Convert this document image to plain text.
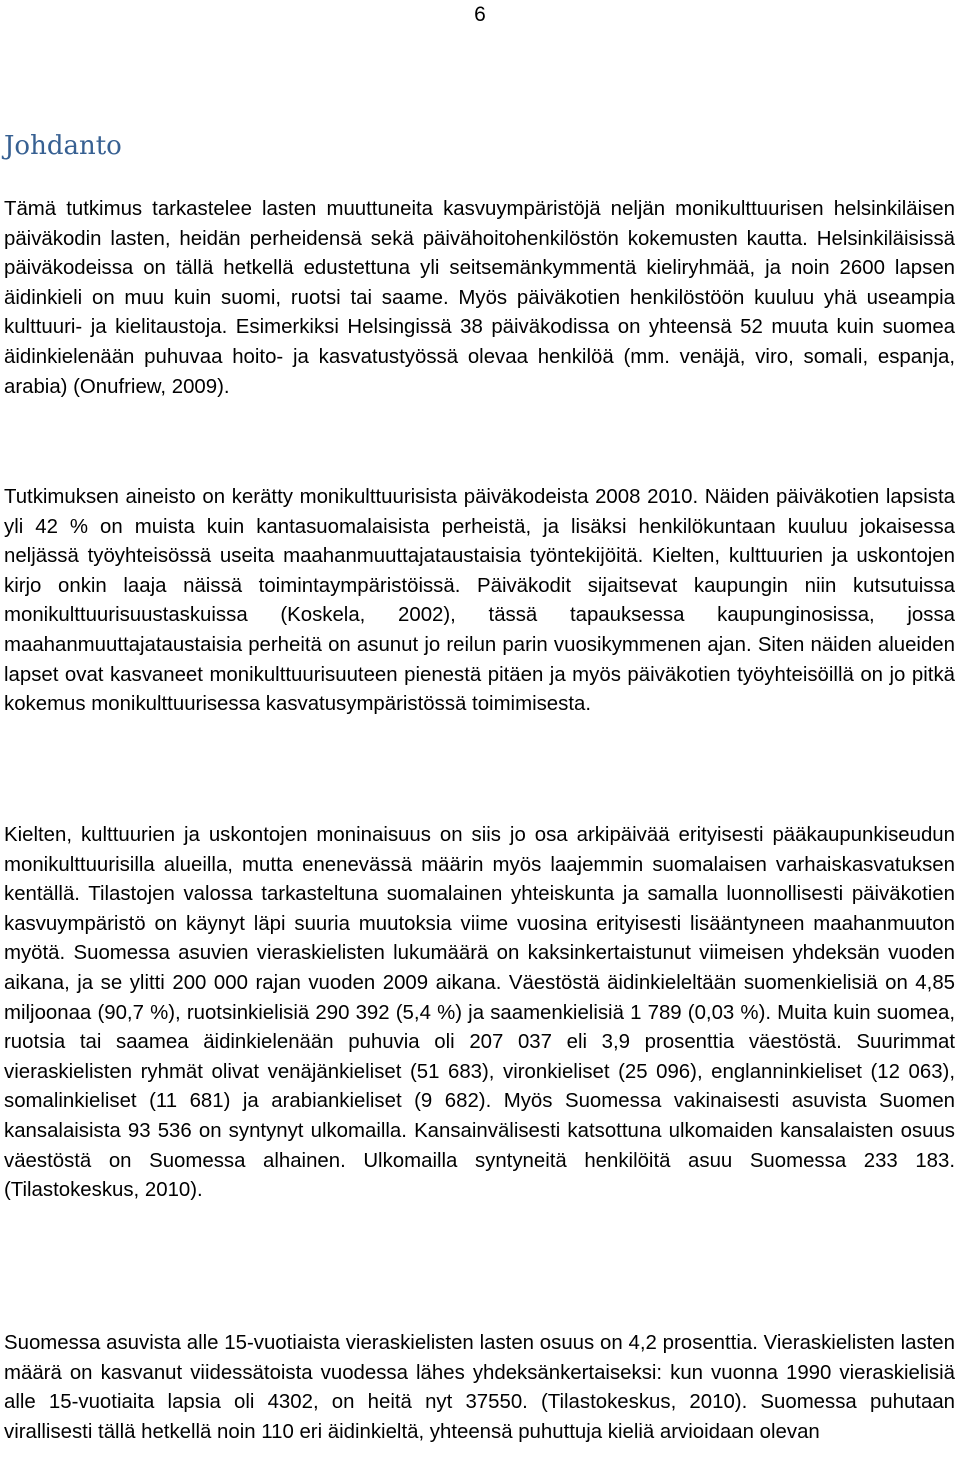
6
Johdanto

Tämä tutkimus tarkastelee lasten muuttuneita kasvuympäristöjä neljän monikulttuurisen helsinkiläisen päiväkodin lasten, heidän perheidensä sekä päivähoitohenkilöstön kokemusten kautta. Helsinkiläisissä päiväkodeissa on tällä hetkellä edustettuna yli seitsemänkymmentä kieliryhmää, ja noin 2600 lapsen äidinkieli on muu kuin suomi, ruotsi tai saame. Myös päiväkotien henkilöstöön kuuluu yhä useampia kulttuuri- ja kielitaustoja. Esimerkiksi Helsingissä 38 päiväkodissa on yhteensä 52 muuta kuin suomea äidinkielenään puhuvaa hoito- ja kasvatustyössä olevaa henkilöä (mm. venäjä, viro, somali, espanja, arabia) (Onufriew, 2009).

Tutkimuksen aineisto on kerätty monikulttuurisista päiväkodeista 2008 2010. Näiden päiväkotien lapsista yli 42 % on muista kuin kantasuomalaisista perheistä, ja lisäksi henkilökuntaan kuuluu jokaisessa neljässä työyhteisössä useita maahanmuuttajataustaisia työntekijöitä. Kielten, kulttuurien ja uskontojen kirjo onkin laaja näissä toimintaympäristöissä. Päiväkodit sijaitsevat kaupungin niin kutsutuissa monikulttuurisuustaskuissa (Koskela, 2002), tässä tapauksessa kaupunginosissa, jossa maahanmuuttajataustaisia perheitä on asunut jo reilun parin vuosikymmenen ajan. Siten näiden alueiden lapset ovat kasvaneet monikulttuurisuuteen pienestä pitäen ja myös päiväkotien työyhteisöillä on jo pitkä kokemus monikulttuurisessa kasvatusympäristössä toimimisesta.

Kielten, kulttuurien ja uskontojen moninaisuus on siis jo osa arkipäivää erityisesti pääkaupunkiseudun monikulttuurisilla alueilla, mutta enenevässä määrin myös laajemmin suomalaisen varhaiskasvatuksen kentällä. Tilastojen valossa tarkasteltuna suomalainen yhteiskunta ja samalla luonnollisesti päiväkotien kasvuympäristö on käynyt läpi suuria muutoksia viime vuosina erityisesti lisääntyneen maahanmuuton myötä. Suomessa asuvien vieraskielisten lukumäärä on kaksinkertaistunut viimeisen yhdeksän vuoden aikana, ja se ylitti 200 000 rajan vuoden 2009 aikana. Väestöstä äidinkieleltään suomenkielisiä on 4,85 miljoonaa (90,7 %), ruotsinkielisiä 290 392 (5,4 %) ja saamenkielisiä 1 789 (0,03 %). Muita kuin suomea, ruotsia tai saamea äidinkielenään puhuvia oli 207 037 eli 3,9 prosenttia väestöstä. Suurimmat vieraskielisten ryhmät olivat venäjänkieliset (51 683), vironkieliset (25 096), englanninkieliset (12 063), somalinkieliset (11 681) ja arabiankieliset (9 682). Myös Suomessa vakinaisesti asuvista Suomen kansalaisista 93 536 on syntynyt ulkomailla. Kansainvälisesti katsottuna ulkomaiden kansalaisten osuus väestöstä on Suomessa alhainen. Ulkomailla syntyneitä henkilöitä asuu Suomessa 233 183. (Tilastokeskus, 2010).

Suomessa asuvista alle 15-vuotiaista vieraskielisten lasten osuus on 4,2 prosenttia. Vieraskielisten lasten määrä on kasvanut viidessätoista vuodessa lähes yhdeksänkertaiseksi: kun vuonna 1990 vieraskielisiä alle 15-vuotiaita lapsia oli 4302, on heitä nyt 37550. (Tilastokeskus, 2010). Suomessa puhutaan virallisesti tällä hetkellä noin 110 eri äidinkieltä, yhteensä puhuttuja kieliä arvioidaan olevan
